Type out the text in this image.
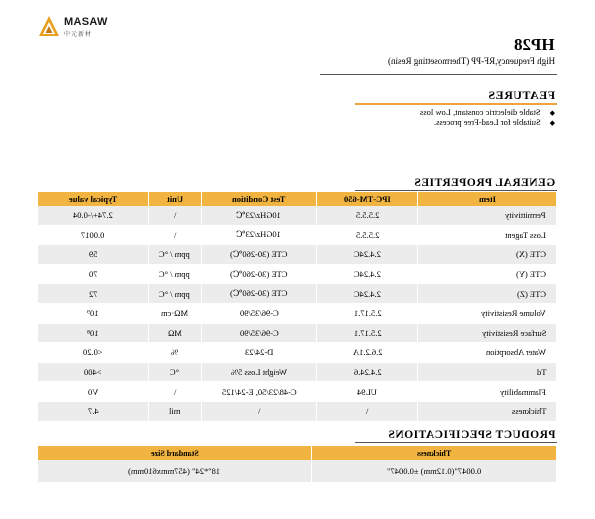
MASAW
中元新材
HP28
High Frequency,RF-PP (Thermosetting Resin)
FEATURES
Stable dielectric constant, Low loss ◆
Suitable for Lead-Free process. ◆
GENERAL PROPERTIES
Typical value	Unit	Test Condition	IPC-TM-650	Item
2.74+/-0.04	\	10GHz/23℃	2.5.5.5	Permittivity
0.0017	\	10GHz/23℃	2.5.5.5	Loss Tagent
59	ppm / °C	CTE (30-260℃)	2.4.24C	CTE (X)
70	ppm / °C	CTE (30-260℃)	2.4.24C	CTE (Y)
72	ppm / °C	CTE (30-260℃)	2.4.24C	CTE (Z)
10⁹	MΩ·cm	C-96/35/90	2.5.17.1	Volume Resistivity
10⁸	MΩ	C-96/35/90	2.5.17.1	Surface Resistivity
<0.20	%	D-24/23	2.6.2.1A	Water Absorption
>400	°C	Weight Loss 5%	2.4.24.6	Td
V0	\	C-48/23/50, E-24/125	UL94	Flammability
4.7	mil	\	\	Thickness
PRODUCT SPECIFICATIONS
Standard Size	Thickness
18"*24" (457mmx610mm)	0.0047"(0.12mm) ±0.0047"
